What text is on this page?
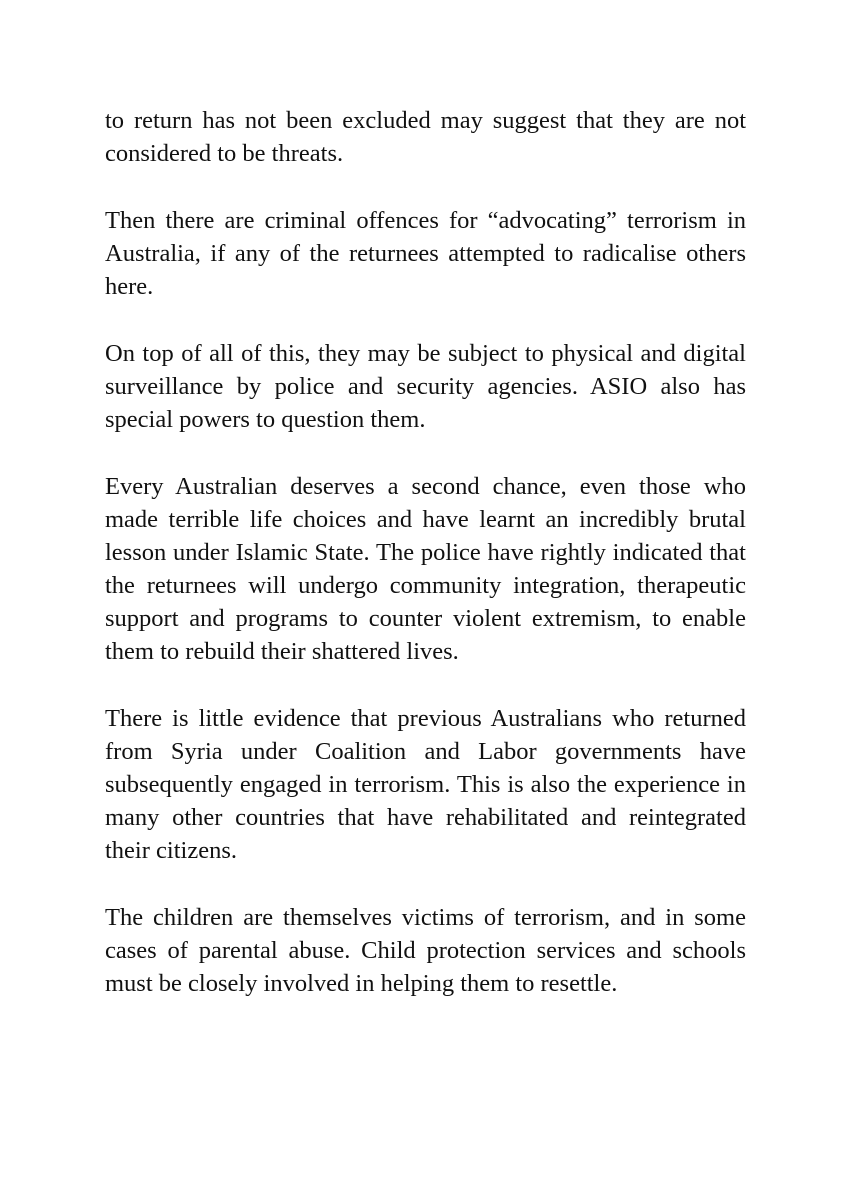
to return has not been excluded may suggest that they are not considered to be threats.

Then there are criminal offences for “advocating” terrorism in Australia, if any of the returnees attempted to radicalise others here.

On top of all of this, they may be subject to physical and digital surveillance by police and security agencies. ASIO also has special powers to question them.

Every Australian deserves a second chance, even those who made terrible life choices and have learnt an incredibly brutal lesson under Islamic State. The police have rightly indicated that the returnees will undergo community integration, therapeutic support and programs to counter violent extremism, to enable them to rebuild their shattered lives.

There is little evidence that previous Australians who returned from Syria under Coalition and Labor governments have subsequently engaged in terrorism. This is also the experience in many other countries that have rehabilitated and reintegrated their citizens.

The children are themselves victims of terrorism, and in some cases of parental abuse. Child protection services and schools must be closely involved in helping them to resettle.
